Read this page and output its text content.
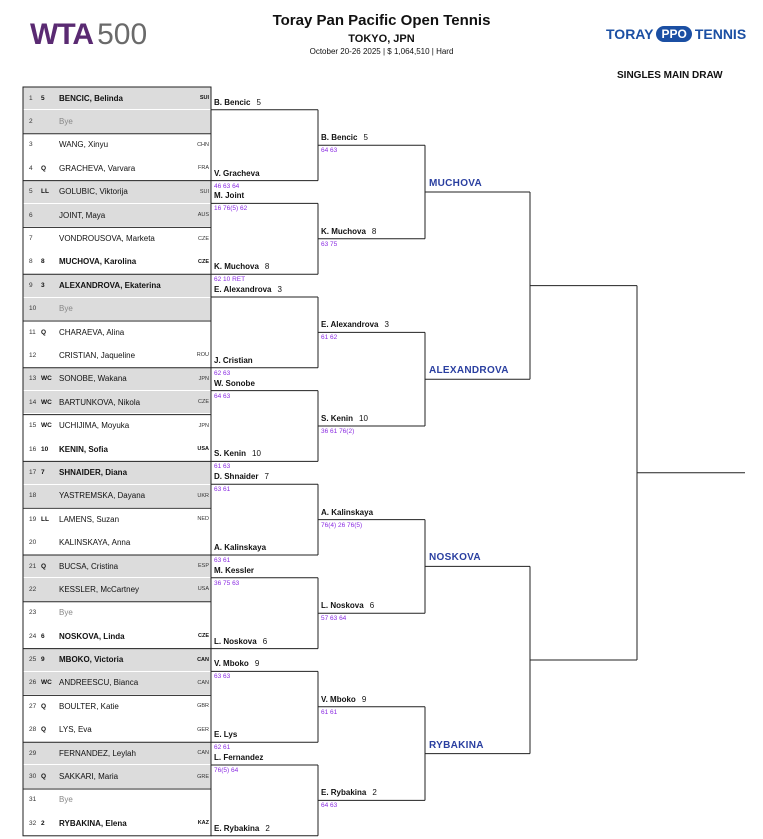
WTA 500	Toray Pan Pacific Open Tennis
TOKYO, JPN
October 20-26 2025 | $ 1,064,510 | Hard
TORAY PPO TENNIS
SINGLES MAIN DRAW
1 5	BENCIC, Belinda	SUI
2	Bye
3	WANG, Xinyu	CHN
4 Q	GRACHEVA, Varvara	FRA
5 LL	GOLUBIC, Viktorija	SUI
6	JOINT, Maya	AUS
7	VONDROUSOVA, Marketa	CZE
8 8	MUCHOVA, Karolina	CZE
9 3	ALEXANDROVA, Ekaterina
10	Bye
11 Q	CHARAEVA, Alina
12	CRISTIAN, Jaqueline	ROU
13 WC SONOBE, Wakana	JPN
14 WC BARTUNKOVA, Nikola	CZE
15 WC UCHIJIMA, Moyuka	JPN
16 10	KENIN, Sofia	USA
17 7	SHNAIDER, Diana
18	YASTREMSKA, Dayana	UKR
19 LL	LAMENS, Suzan	NED
20	KALINSKAYA, Anna
21 Q	BUCSA, Cristina	ESP
22	KESSLER, McCartney	USA
23	Bye
24 6	NOSKOVA, Linda	CZE
25 9	MBOKO, Victoria	CAN
26 WC ANDREESCU, Bianca	CAN
27 Q	BOULTER, Katie	GBR
28 Q	LYS, Eva	GER
29	FERNANDEZ, Leylah	CAN
30 Q	SAKKARI, Maria	GRE
31	Bye
32 2	RYBAKINA, Elena	KAZ
B. Bencic 5
V. Gracheva
46 63 64
M. Joint
16 76(5) 62
K. Muchova 8
62 10 RET
E. Alexandrova 3
J. Cristian
62 63
W. Sonobe
64 63
S. Kenin 10
61 63
D. Shnaider 7
63 61
A. Kalinskaya
63 61
M. Kessler
36 75 63
L. Noskova 6
V. Mboko 9
63 63
E. Lys
62 61
L. Fernandez
76(5) 64
E. Rybakina 2
B. Bencic 5
64 63
K. Muchova 8
63 75
E. Alexandrova 3
61 62
S. Kenin 10
36 61 76(2)
A. Kalinskaya
76(4) 26 76(5)
L. Noskova 6
57 63 64
V. Mboko 9
61 61
E. Rybakina 2
64 63
MUCHOVA
ALEXANDROVA
NOSKOVA
RYBAKINA
